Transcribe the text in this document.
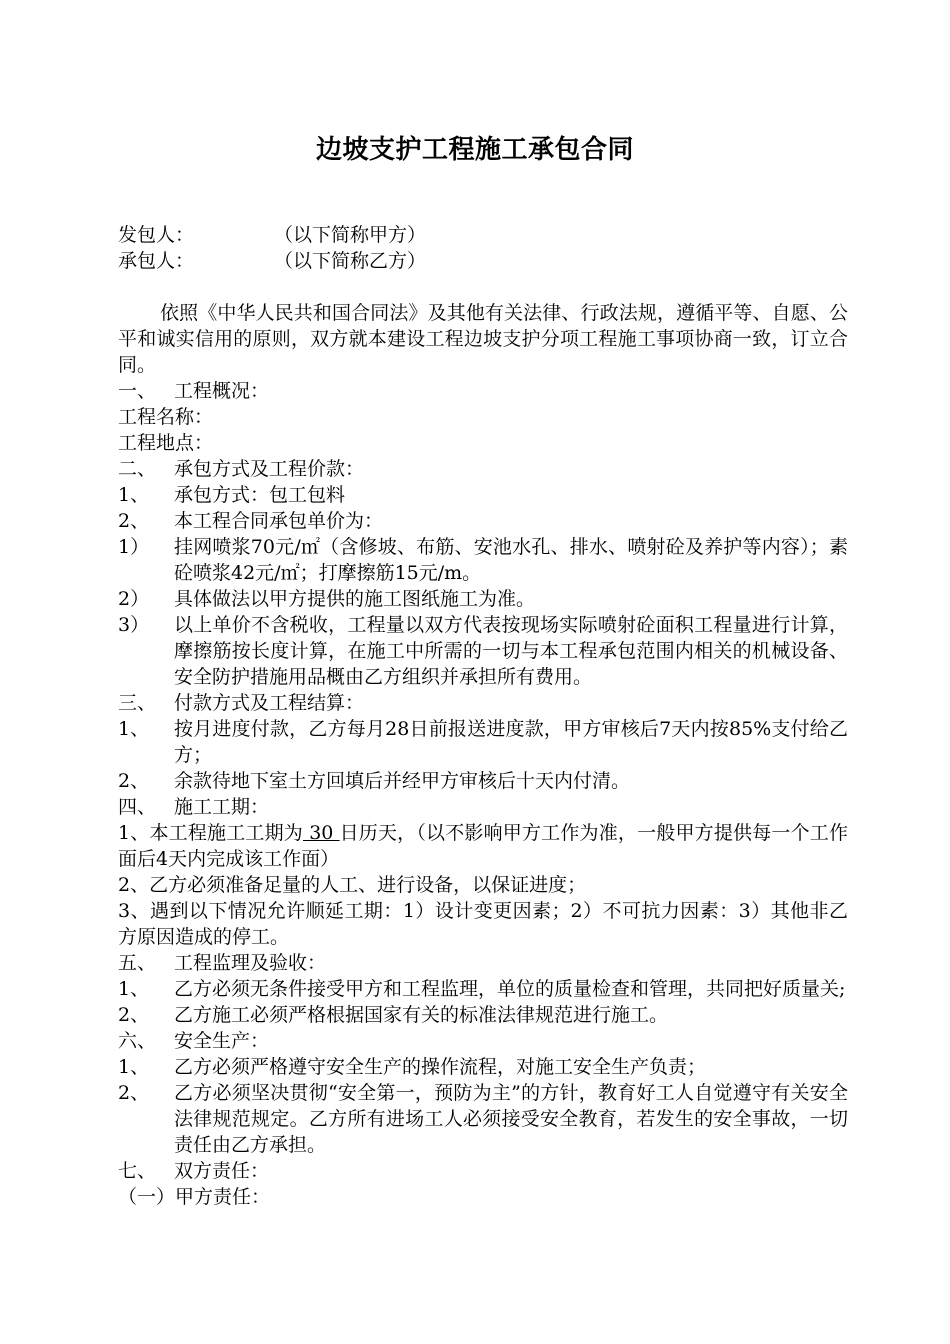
边坡支护工程施工承包合同
发包人：	（以下简称甲方）
承包人：	（以下简称乙方）
依照《中华人民共和国合同法》及其他有关法律、行政法规，遵循平等、自愿、公平和诚实信用的原则，双方就本建设工程边坡支护分项工程施工事项协商一致，订立合同。
一、 工程概况：
工程名称：
工程地点：
二、 承包方式及工程价款：
1、	承包方式：包工包料
2、	本工程合同承包单价为：
1）	挂网喷浆70元/㎡（含修坡、布筋、安池水孔、排水、喷射砼及养护等内容）；素砼喷浆42元/㎡；打摩擦筋15元/m。
2）	具体做法以甲方提供的施工图纸施工为准。
3）	以上单价不含税收，工程量以双方代表按现场实际喷射砼面积工程量进行计算，摩擦筋按长度计算，在施工中所需的一切与本工程承包范围内相关的机械设备、安全防护措施用品概由乙方组织并承担所有费用。
三、 付款方式及工程结算：
1、	按月进度付款，乙方每月28日前报送进度款，甲方审核后7天内按85%支付给乙方；
2、	余款待地下室土方回填后并经甲方审核后十天内付清。
四、 施工工期：
1、本工程施工工期为 30 日历天，（以不影响甲方工作为准，一般甲方提供每一个工作面后4天内完成该工作面）
2、乙方必须准备足量的人工、进行设备，以保证进度；
3、遇到以下情况允许顺延工期：1）设计变更因素；2）不可抗力因素：3）其他非乙方原因造成的停工。
五、 工程监理及验收：
1、	乙方必须无条件接受甲方和工程监理，单位的质量检查和管理，共同把好质量关;
2、	乙方施工必须严格根据国家有关的标准法律规范进行施工。
六、 安全生产：
1、	乙方必须严格遵守安全生产的操作流程，对施工安全生产负责；
2、	乙方必须坚决贯彻“安全第一，预防为主”的方针，教育好工人自觉遵守有关安全法律规范规定。乙方所有进场工人必须接受安全教育，若发生的安全事故，一切责任由乙方承担。
七、 双方责任：
（一）甲方责任：
